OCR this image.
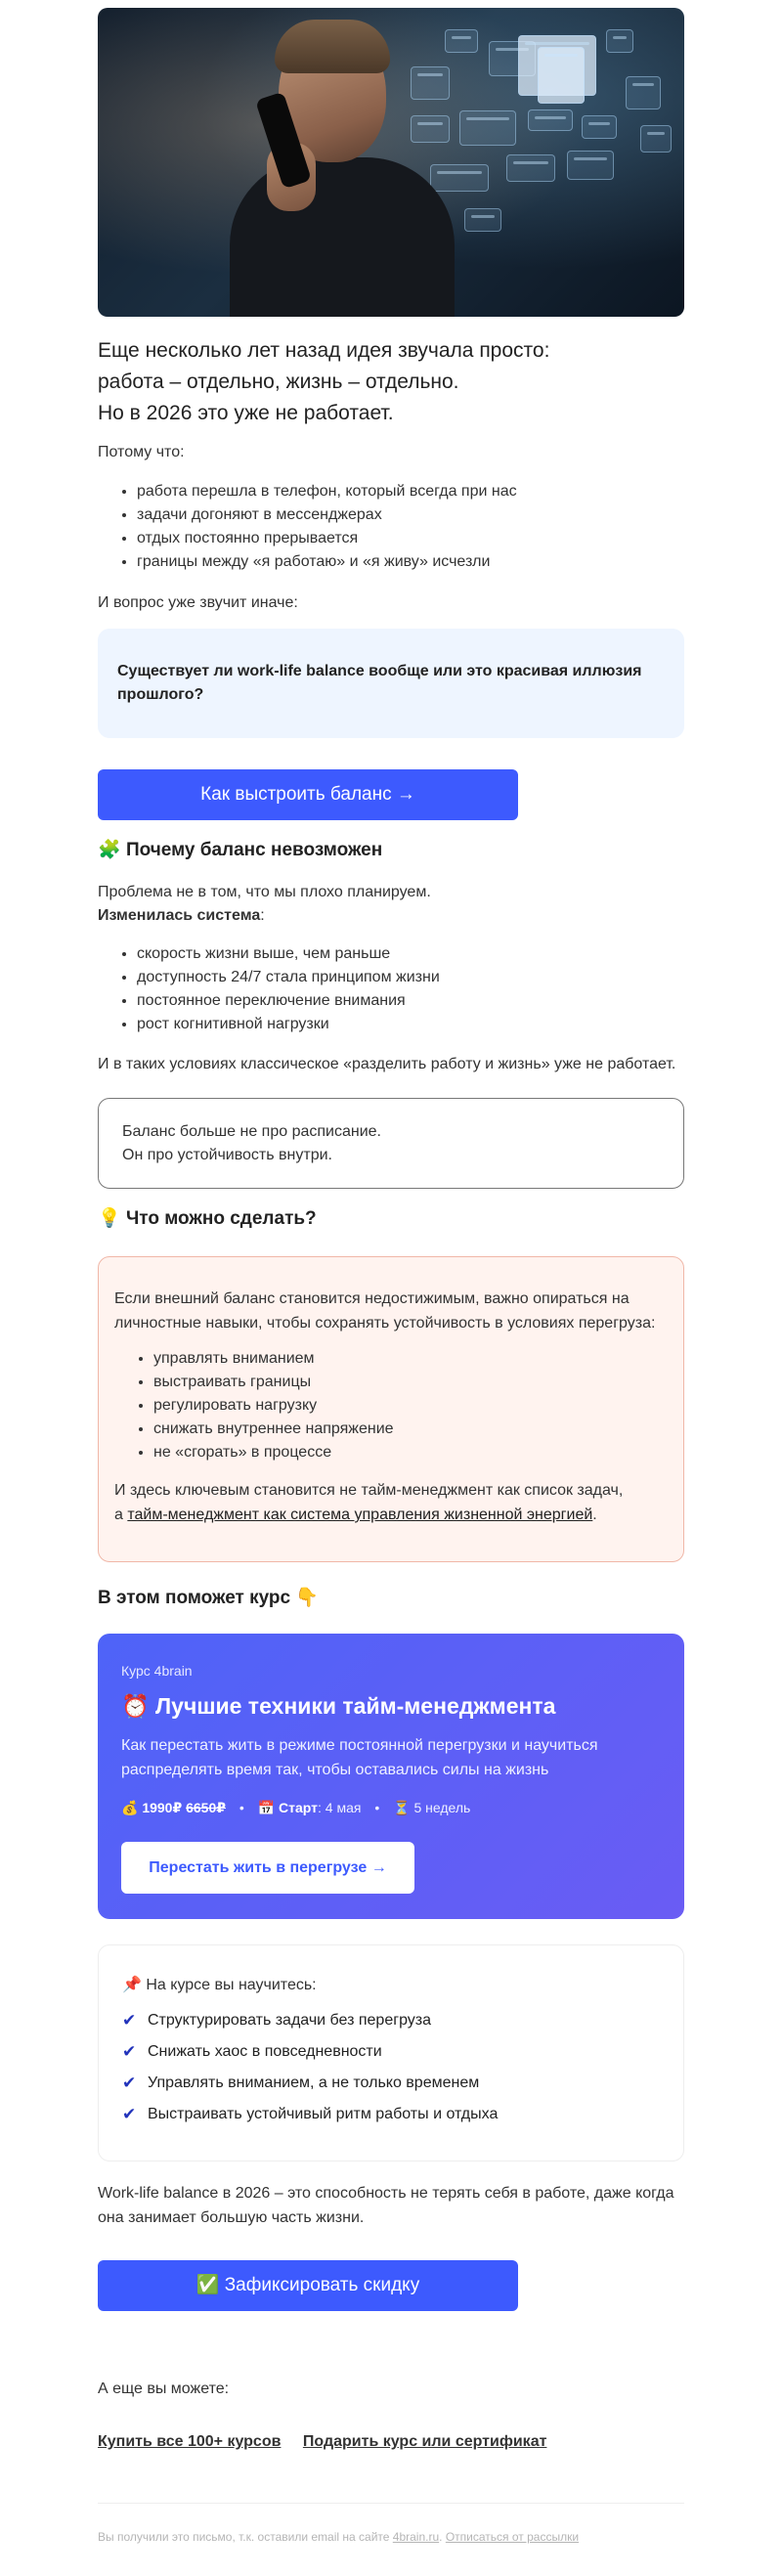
Еще несколько лет назад идея звучала просто:
работа – отдельно, жизнь – отдельно.
Но в 2026 это уже не работает.
Потому что:
• работа перешла в телефон, который всегда при нас
• задачи догоняют в мессенджерах
• отдых постоянно прерывается
• границы между «я работаю» и «я живу» исчезли
И вопрос уже звучит иначе:
Существует ли work-life balance вообще или это красивая иллюзия прошлого?
Как выстроить баланс →
🧩 Почему баланс невозможен
Проблема не в том, что мы плохо планируем.
Изменилась система:
• скорость жизни выше, чем раньше
• доступность 24/7 стала принципом жизни
• постоянное переключение внимания
• рост когнитивной нагрузки
И в таких условиях классическое «разделить работу и жизнь» уже не работает.
Баланс больше не про расписание.
Он про устойчивость внутри.
💡 Что можно сделать?
Если внешний баланс становится недостижимым, важно опираться на личностные навыки, чтобы сохранять устойчивость в условиях перегруза:
• управлять вниманием
• выстраивать границы
• регулировать нагрузку
• снижать внутреннее напряжение
• не «сгорать» в процессе
И здесь ключевым становится не тайм-менеджмент как список задач,
а тайм-менеджмент как система управления жизненной энергией.
В этом поможет курс 👇
Курс 4brain
⏰ Лучшие техники тайм-менеджмента
Как перестать жить в режиме постоянной перегрузки и научиться распределять время так, чтобы оставались силы на жизнь
💰 1990₽ 6650₽ • 📅 Старт: 4 мая • ⏳ 5 недель
Перестать жить в перегрузе →
📌 На курсе вы научитесь:
✔ Структурировать задачи без перегруза
✔ Снижать хаос в повседневности
✔ Управлять вниманием, а не только временем
✔ Выстраивать устойчивый ритм работы и отдыха
Work-life balance в 2026 – это способность не терять себя в работе, даже когда она занимает большую часть жизни.
✅ Зафиксировать скидку
А еще вы можете:
Купить все 100+ курсов Подарить курс или сертификат
Вы получили это письмо, т.к. оставили email на сайте 4brain.ru. Отписаться от рассылки
